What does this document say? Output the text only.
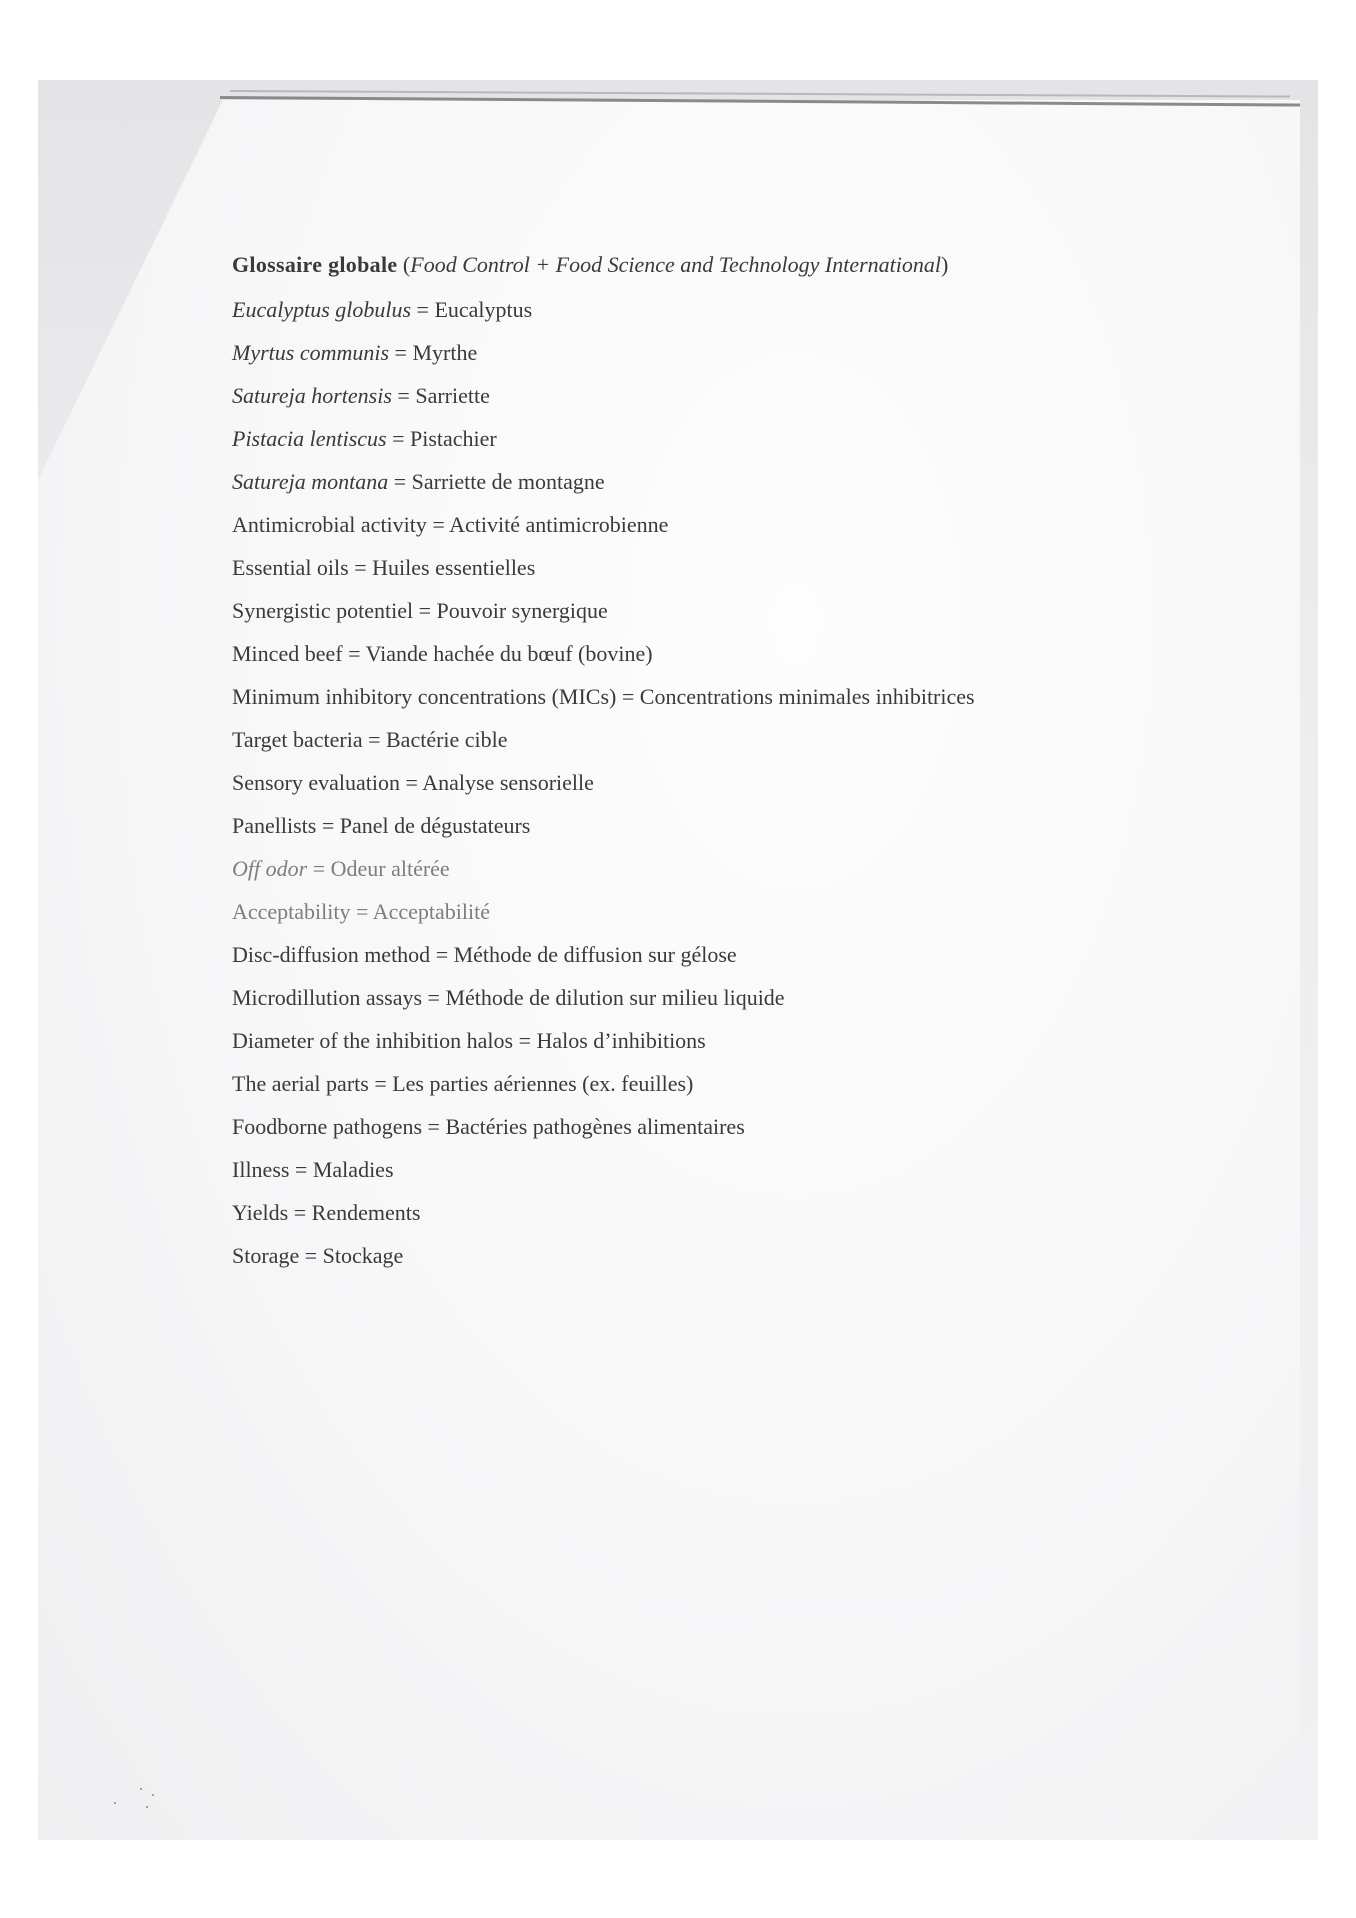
Glossaire globale (Food Control + Food Science and Technology International)
Eucalyptus globulus = Eucalyptus
Myrtus communis = Myrthe
Satureja hortensis = Sarriette
Pistacia lentiscus = Pistachier
Satureja montana = Sarriette de montagne
Antimicrobial activity = Activité antimicrobienne
Essential oils = Huiles essentielles
Synergistic potentiel = Pouvoir synergique
Minced beef = Viande hachée du bœuf (bovine)
Minimum inhibitory concentrations (MICs) = Concentrations minimales inhibitrices
Target bacteria = Bactérie cible
Sensory evaluation = Analyse sensorielle
Panellists = Panel de dégustateurs
Off odor = Odeur altérée
Acceptability = Acceptabilité
Disc-diffusion method = Méthode de diffusion sur gélose
Microdillution assays = Méthode de dilution sur milieu liquide
Diameter of the inhibition halos = Halos d’inhibitions
The aerial parts = Les parties aériennes (ex. feuilles)
Foodborne pathogens = Bactéries pathogènes alimentaires
Illness = Maladies
Yields = Rendements
Storage = Stockage
